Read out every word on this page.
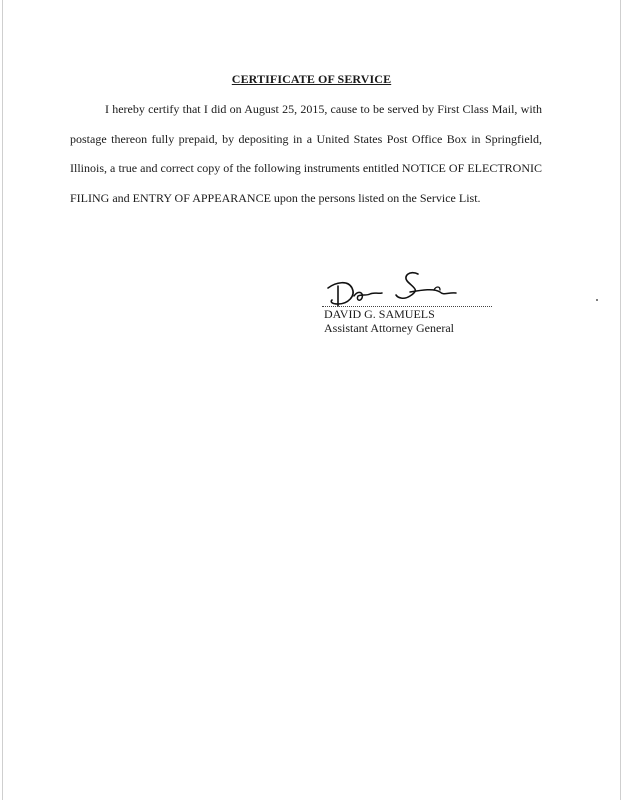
CERTIFICATE OF SERVICE

I hereby certify that I did on August 25, 2015, cause to be served by First Class Mail, with postage thereon fully prepaid, by depositing in a United States Post Office Box in Springfield, Illinois, a true and correct copy of the following instruments entitled NOTICE OF ELECTRONIC FILING and ENTRY OF APPEARANCE upon the persons listed on the Service List.

DAVID G. SAMUELS
Assistant Attorney General
